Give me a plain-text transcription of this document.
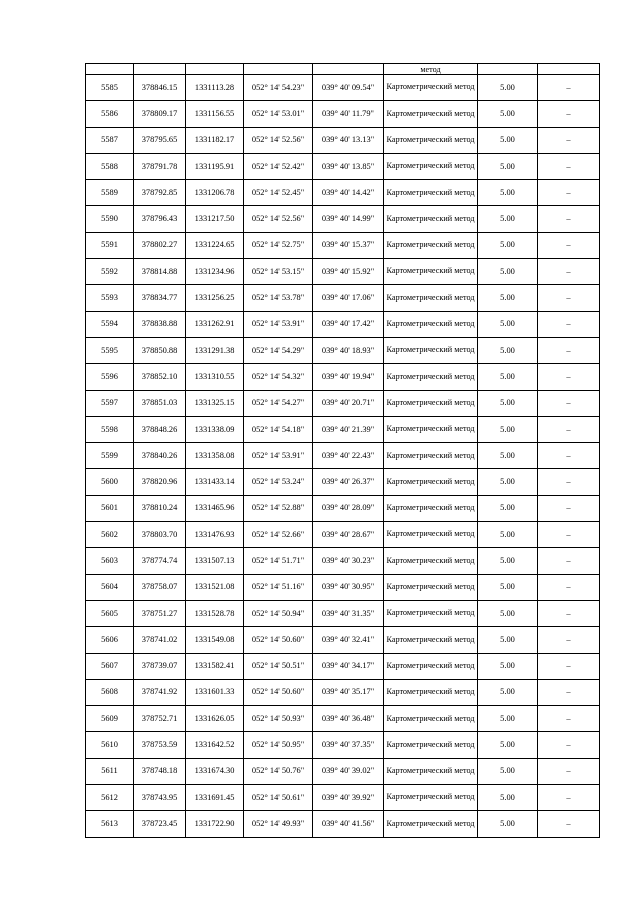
					метод		
5585	378846.15	1331113.28	052° 14' 54.23"	039° 40' 09.54"	Картометрический метод	5.00	–
5586	378809.17	1331156.55	052° 14' 53.01"	039° 40' 11.79"	Картометрический метод	5.00	–
5587	378795.65	1331182.17	052° 14' 52.56"	039° 40' 13.13"	Картометрический метод	5.00	–
5588	378791.78	1331195.91	052° 14' 52.42"	039° 40' 13.85"	Картометрический метод	5.00	–
5589	378792.85	1331206.78	052° 14' 52.45"	039° 40' 14.42"	Картометрический метод	5.00	–
5590	378796.43	1331217.50	052° 14' 52.56"	039° 40' 14.99"	Картометрический метод	5.00	–
5591	378802.27	1331224.65	052° 14' 52.75"	039° 40' 15.37"	Картометрический метод	5.00	–
5592	378814.88	1331234.96	052° 14' 53.15"	039° 40' 15.92"	Картометрический метод	5.00	–
5593	378834.77	1331256.25	052° 14' 53.78"	039° 40' 17.06"	Картометрический метод	5.00	–
5594	378838.88	1331262.91	052° 14' 53.91"	039° 40' 17.42"	Картометрический метод	5.00	–
5595	378850.88	1331291.38	052° 14' 54.29"	039° 40' 18.93"	Картометрический метод	5.00	–
5596	378852.10	1331310.55	052° 14' 54.32"	039° 40' 19.94"	Картометрический метод	5.00	–
5597	378851.03	1331325.15	052° 14' 54.27"	039° 40' 20.71"	Картометрический метод	5.00	–
5598	378848.26	1331338.09	052° 14' 54.18"	039° 40' 21.39"	Картометрический метод	5.00	–
5599	378840.26	1331358.08	052° 14' 53.91"	039° 40' 22.43"	Картометрический метод	5.00	–
5600	378820.96	1331433.14	052° 14' 53.24"	039° 40' 26.37"	Картометрический метод	5.00	–
5601	378810.24	1331465.96	052° 14' 52.88"	039° 40' 28.09"	Картометрический метод	5.00	–
5602	378803.70	1331476.93	052° 14' 52.66"	039° 40' 28.67"	Картометрический метод	5.00	–
5603	378774.74	1331507.13	052° 14' 51.71"	039° 40' 30.23"	Картометрический метод	5.00	–
5604	378758.07	1331521.08	052° 14' 51.16"	039° 40' 30.95"	Картометрический метод	5.00	–
5605	378751.27	1331528.78	052° 14' 50.94"	039° 40' 31.35"	Картометрический метод	5.00	–
5606	378741.02	1331549.08	052° 14' 50.60"	039° 40' 32.41"	Картометрический метод	5.00	–
5607	378739.07	1331582.41	052° 14' 50.51"	039° 40' 34.17"	Картометрический метод	5.00	–
5608	378741.92	1331601.33	052° 14' 50.60"	039° 40' 35.17"	Картометрический метод	5.00	–
5609	378752.71	1331626.05	052° 14' 50.93"	039° 40' 36.48"	Картометрический метод	5.00	–
5610	378753.59	1331642.52	052° 14' 50.95"	039° 40' 37.35"	Картометрический метод	5.00	–
5611	378748.18	1331674.30	052° 14' 50.76"	039° 40' 39.02"	Картометрический метод	5.00	–
5612	378743.95	1331691.45	052° 14' 50.61"	039° 40' 39.92"	Картометрический метод	5.00	–
5613	378723.45	1331722.90	052° 14' 49.93"	039° 40' 41.56"	Картометрический метод	5.00	–
